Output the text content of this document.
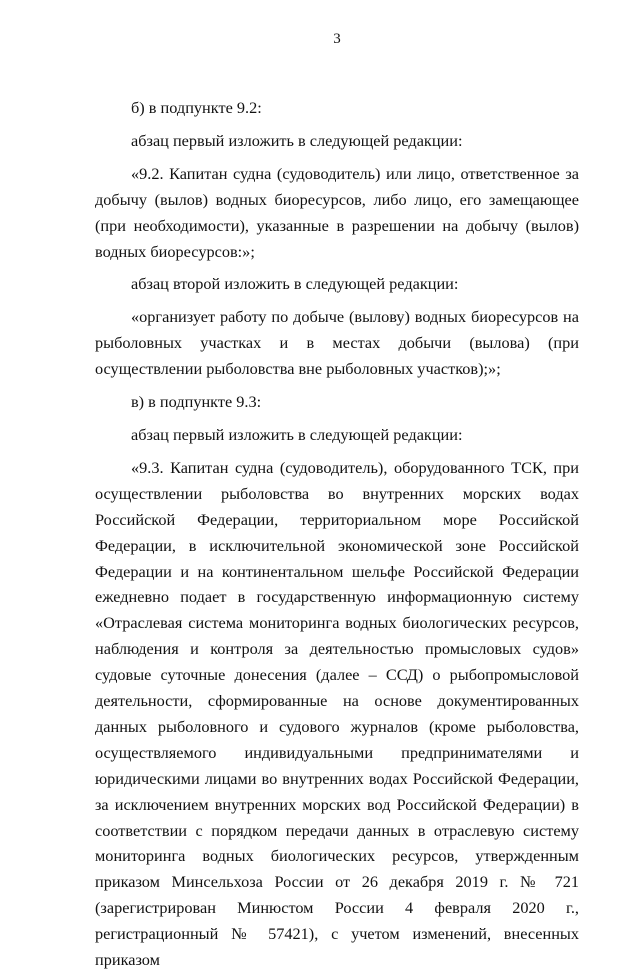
3

б) в подпункте 9.2:

абзац первый изложить в следующей редакции:

«9.2. Капитан судна (судоводитель) или лицо, ответственное за добычу (вылов) водных биоресурсов, либо лицо, его замещающее (при необходимости), указанные в разрешении на добычу (вылов) водных биоресурсов:»;

абзац второй изложить в следующей редакции:

«организует работу по добыче (вылову) водных биоресурсов на рыболовных участках и в местах добычи (вылова) (при осуществлении рыболовства вне рыболовных участков);»;

в) в подпункте 9.3:

абзац первый изложить в следующей редакции:

«9.3. Капитан судна (судоводитель), оборудованного ТСК, при осуществлении рыболовства во внутренних морских водах Российской Федерации, территориальном море Российской Федерации, в исключительной экономической зоне Российской Федерации и на континентальном шельфе Российской Федерации ежедневно подает в государственную информационную систему «Отраслевая система мониторинга водных биологических ресурсов, наблюдения и контроля за деятельностью промысловых судов» судовые суточные донесения (далее – ССД) о рыбопромысловой деятельности, сформированные на основе документированных данных рыболовного и судового журналов (кроме рыболовства, осуществляемого индивидуальными предпринимателями и юридическими лицами во внутренних водах Российской Федерации, за исключением внутренних морских вод Российской Федерации) в соответствии с порядком передачи данных в отраслевую систему мониторинга водных биологических ресурсов, утвержденным приказом Минсельхоза России от 26 декабря 2019 г. № 721 (зарегистрирован Минюстом России 4 февраля 2020 г., регистрационный № 57421), с учетом изменений, внесенных приказом
